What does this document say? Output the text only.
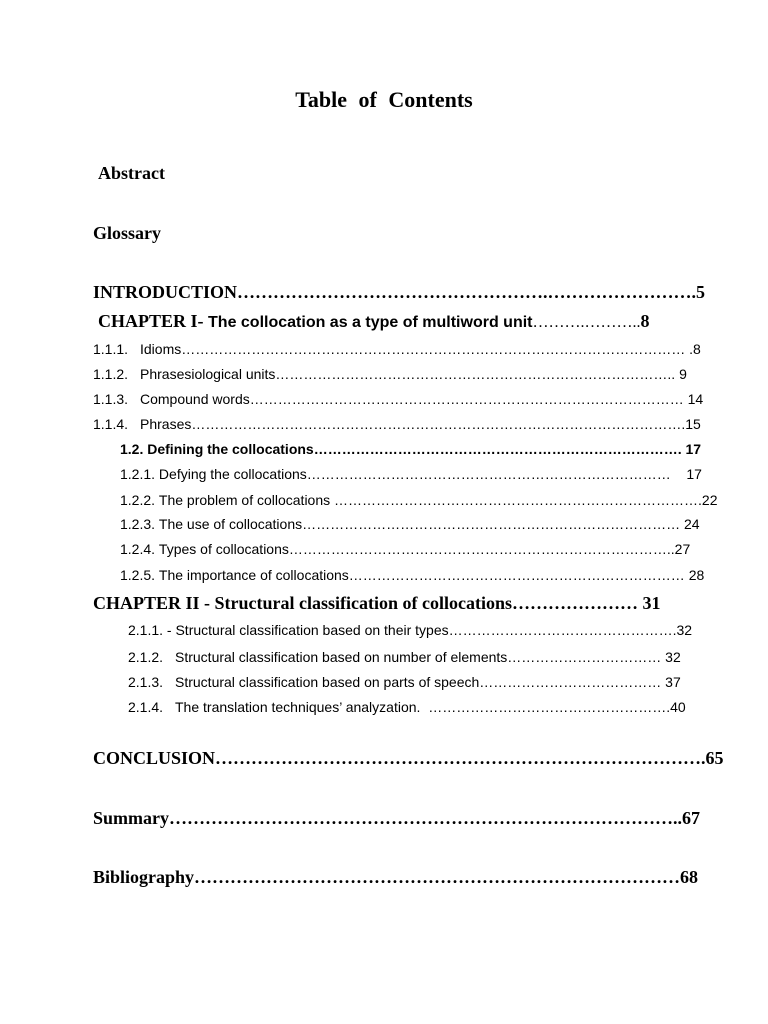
Table of Contents
Abstract
Glossary
INTRODUCTION …………………………………………….……………………. 5
CHAPTER I- The collocation as a type of multiword unit ……….……….. 8
1.1.1. Idioms ……………………………………………………………………………………………… . 8
1.1.2. Phrasesiological units ………………………………………………………………………….. 9
1.1.3. Compound words ………………………………………………………………………………… 14
1.1.4. Phrases ……………………………………………………………………………………………. 15
1.2. Defining the collocations ……………………………………………………………………. 17
1.2.1. Defying the collocations …………………………………………………………………… 17
1.2.2. The problem of collocations ……………………………………………………………………. 22
1.2.3. The use of collocations ……………………………………………………………………… 24
1.2.4. Types of collocations ……………………………………………………………………….. 27
1.2.5. The importance of collocations ……………………………………………………………… 28
CHAPTER II - Structural classification of collocations ………………… 31
2.1.1. - Structural classification based on their types …………………………………………. 32
2.1.2. Structural classification based on number of elements …………………………… 32
2.1.3. Structural classification based on parts of speech ………………………………… 37
2.1.4. The translation techniques’ analyzation. ……………………………………………. 40
CONCLUSION ………………………………………………………………………. 65
Summary ………………………………………………………………………….. 67
Bibliography ……………………………………………………………………… 68
